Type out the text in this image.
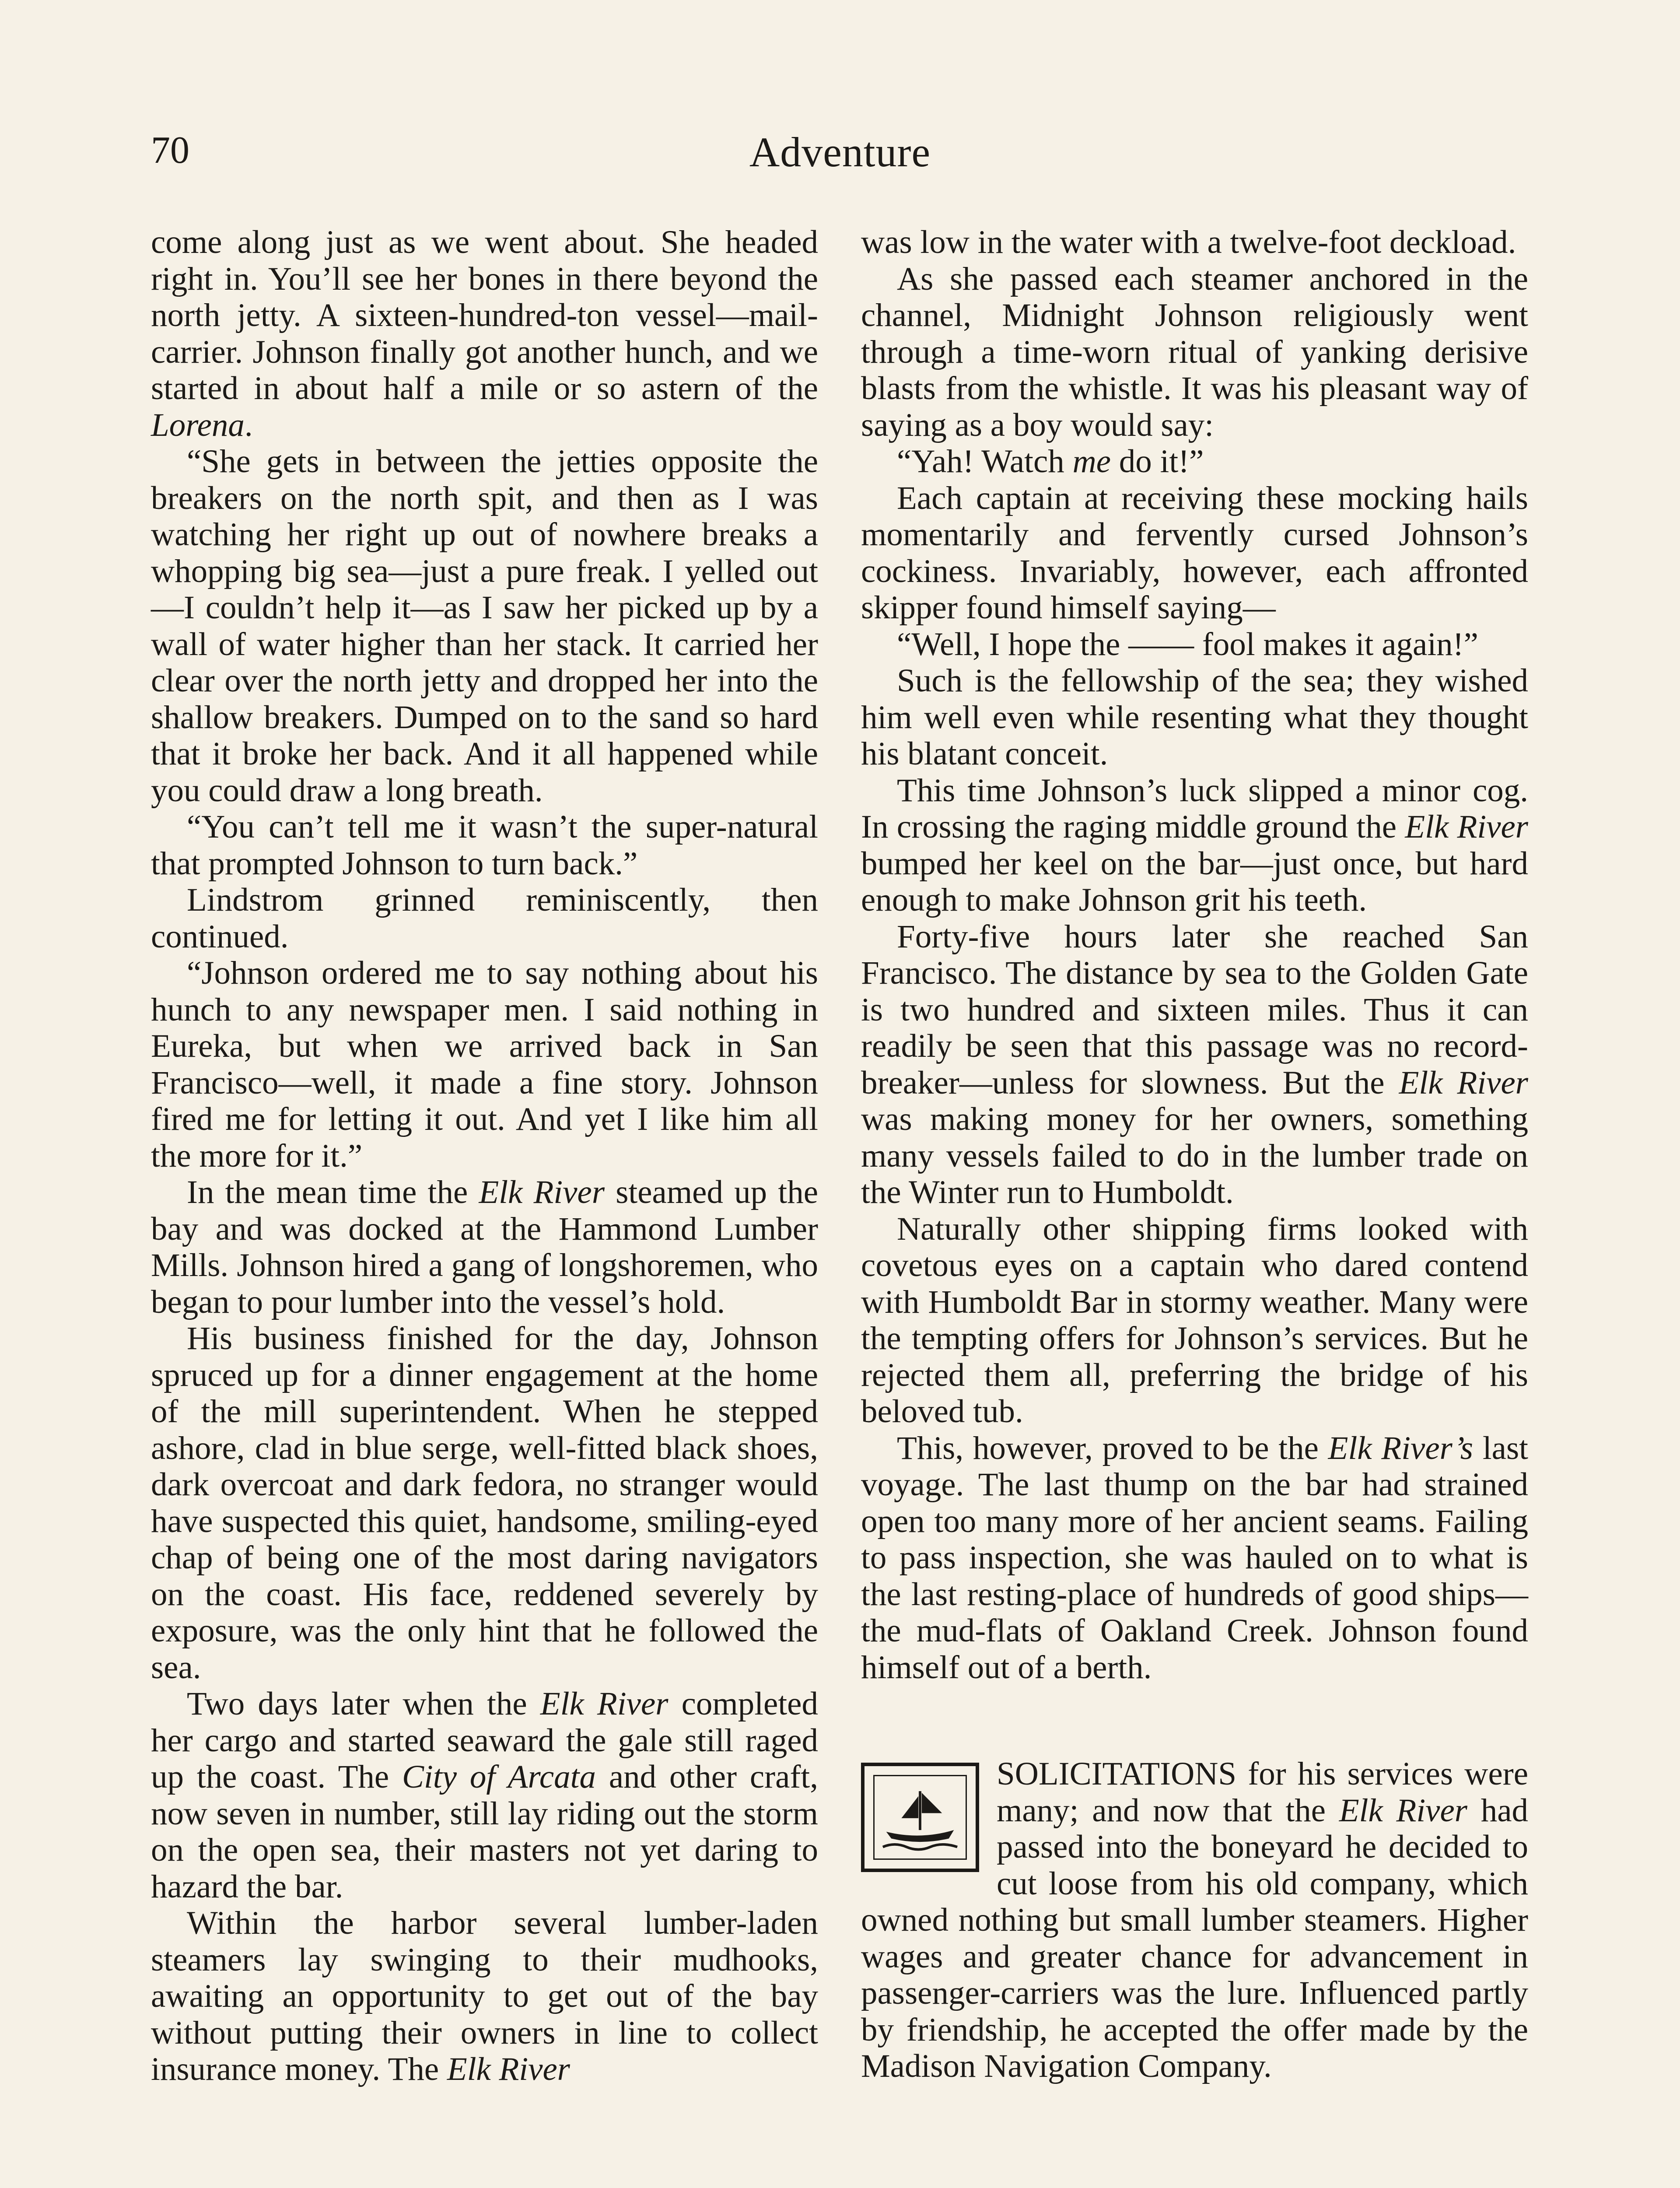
70	Adventure

come along just as we went about. She headed right in. You’ll see her bones in there beyond the north jetty. A sixteen-hundred-ton vessel—mail-carrier. Johnson finally got another hunch, and we started in about half a mile or so astern of the Lorena.

“She gets in between the jetties opposite the breakers on the north spit, and then as I was watching her right up out of nowhere breaks a whopping big sea—just a pure freak. I yelled out—I couldn’t help it—as I saw her picked up by a wall of water higher than her stack. It carried her clear over the north jetty and dropped her into the shallow breakers. Dumped on to the sand so hard that it broke her back. And it all happened while you could draw a long breath.

“You can’t tell me it wasn’t the super-natural that prompted Johnson to turn back.”

Lindstrom grinned reminiscently, then continued.

“Johnson ordered me to say nothing about his hunch to any newspaper men. I said nothing in Eureka, but when we arrived back in San Francisco—well, it made a fine story. Johnson fired me for letting it out. And yet I like him all the more for it.”

In the mean time the Elk River steamed up the bay and was docked at the Hammond Lumber Mills. Johnson hired a gang of longshoremen, who began to pour lumber into the vessel’s hold.

His business finished for the day, Johnson spruced up for a dinner engagement at the home of the mill superintendent. When he stepped ashore, clad in blue serge, well-fitted black shoes, dark overcoat and dark fedora, no stranger would have suspected this quiet, handsome, smiling-eyed chap of being one of the most daring navigators on the coast. His face, reddened severely by exposure, was the only hint that he followed the sea.

Two days later when the Elk River completed her cargo and started seaward the gale still raged up the coast. The City of Arcata and other craft, now seven in number, still lay riding out the storm on the open sea, their masters not yet daring to hazard the bar.

Within the harbor several lumber-laden steamers lay swinging to their mudhooks, awaiting an opportunity to get out of the bay without putting their owners in line to collect insurance money. The Elk River

was low in the water with a twelve-foot deckload.

As she passed each steamer anchored in the channel, Midnight Johnson religiously went through a time-worn ritual of yanking derisive blasts from the whistle. It was his pleasant way of saying as a boy would say:

“Yah! Watch me do it!”

Each captain at receiving these mocking hails momentarily and fervently cursed Johnson’s cockiness. Invariably, however, each affronted skipper found himself saying—

“Well, I hope the —— fool makes it again!”

Such is the fellowship of the sea; they wished him well even while resenting what they thought his blatant conceit.

This time Johnson’s luck slipped a minor cog. In crossing the raging middle ground the Elk River bumped her keel on the bar—just once, but hard enough to make Johnson grit his teeth.

Forty-five hours later she reached San Francisco. The distance by sea to the Golden Gate is two hundred and sixteen miles. Thus it can readily be seen that this passage was no record-breaker—unless for slowness. But the Elk River was making money for her owners, something many vessels failed to do in the lumber trade on the Winter run to Humboldt.

Naturally other shipping firms looked with covetous eyes on a captain who dared contend with Humboldt Bar in stormy weather. Many were the tempting offers for Johnson’s services. But he rejected them all, preferring the bridge of his beloved tub.

This, however, proved to be the Elk River’s last voyage. The last thump on the bar had strained open too many more of her ancient seams. Failing to pass inspection, she was hauled on to what is the last resting-place of hundreds of good ships—the mud-flats of Oakland Creek. Johnson found himself out of a berth.

SOLICITATIONS for his services were many; and now that the Elk River had passed into the boneyard he decided to cut loose from his old company, which owned nothing but small lumber steamers. Higher wages and greater chance for advancement in passenger-carriers was the lure. Influenced partly by friendship, he accepted the offer made by the Madison Navigation Company.
